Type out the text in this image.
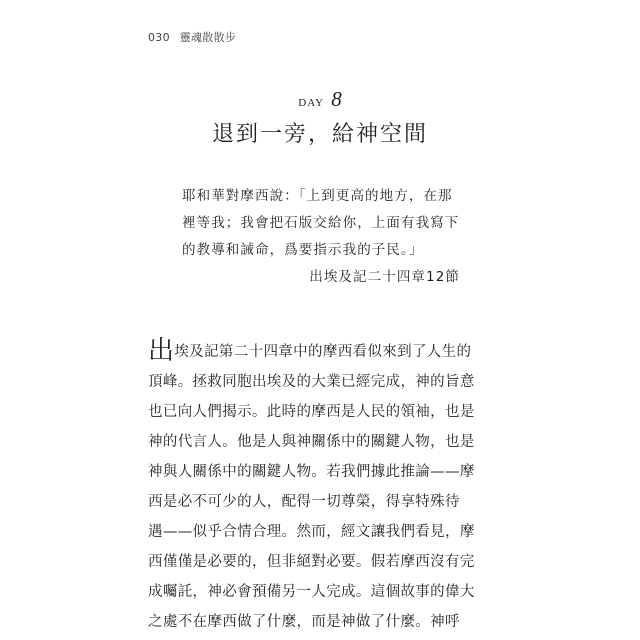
030 靈魂散散步
DAY 8
退到一旁，給神空間
耶和華對摩西說：「上到更高的地方，在那
裡等我；我會把石版交給你，上面有我寫下
的教導和誡命，爲要指示我的子民。」
出埃及記二十四章12節
出埃及記第二十四章中的摩西看似來到了人生的
頂峰。拯救同胞出埃及的大業已經完成，神的旨意
也已向人們揭示。此時的摩西是人民的領袖，也是
神的代言人。他是人與神關係中的關鍵人物，也是
神與人關係中的關鍵人物。若我們據此推論——摩
西是必不可少的人，配得一切尊榮，得享特殊待
遇——似乎合情合理。然而，經文讓我們看見，摩
西僅僅是必要的，但非絕對必要。假若摩西沒有完
成囑託，神必會預備另一人完成。這個故事的偉大
之處不在摩西做了什麼，而是神做了什麼。神呼
